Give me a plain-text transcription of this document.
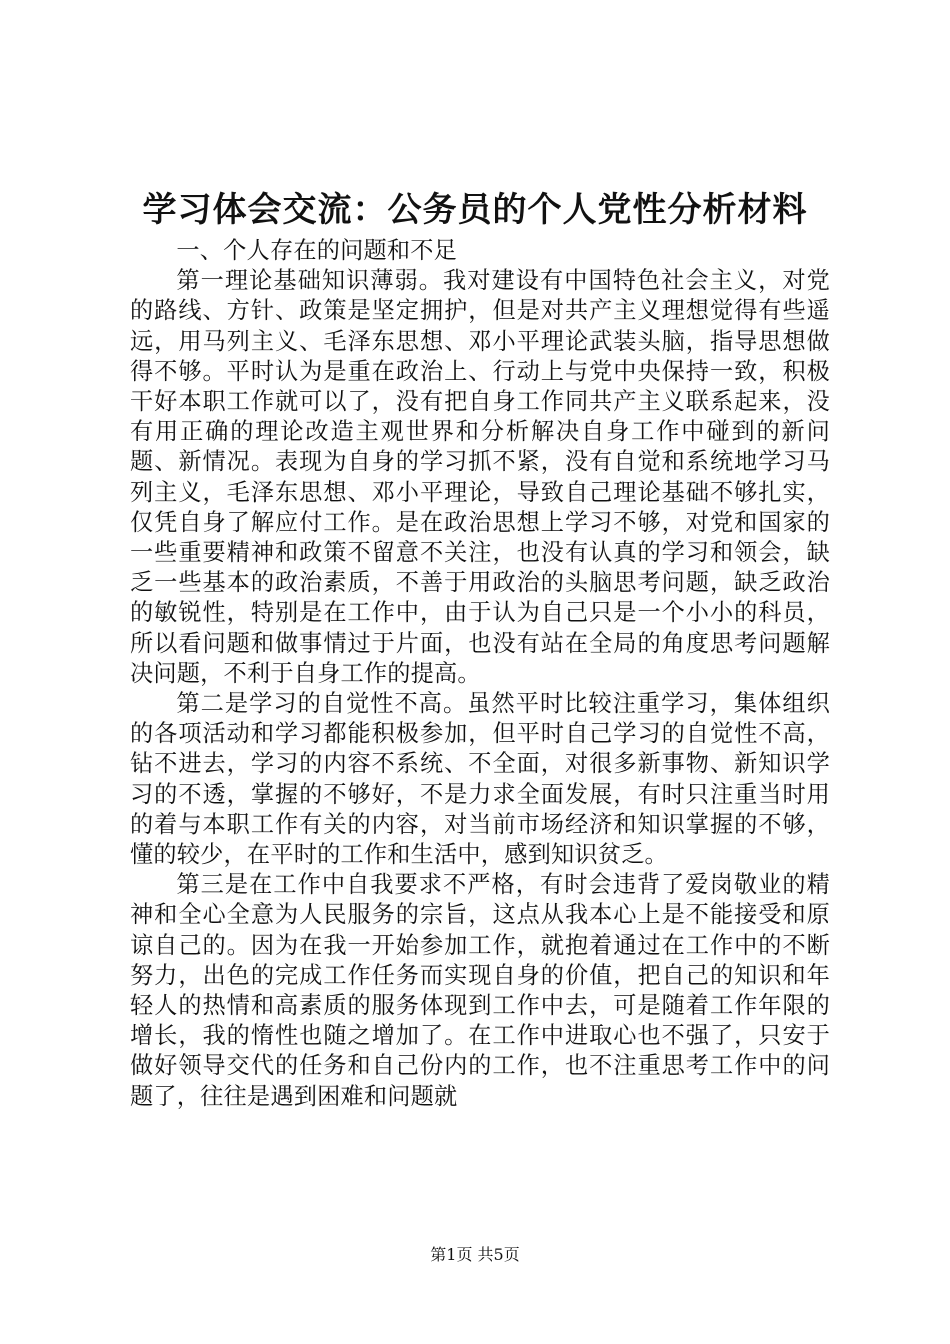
学习体会交流：公务员的个人党性分析材料

一、个人存在的问题和不足

第一理论基础知识薄弱。我对建设有中国特色社会主义，对党的路线、方针、政策是坚定拥护，但是对共产主义理想觉得有些遥远，用马列主义、毛泽东思想、邓小平理论武装头脑，指导思想做得不够。平时认为是重在政治上、行动上与党中央保持一致，积极干好本职工作就可以了，没有把自身工作同共产主义联系起来，没有用正确的理论改造主观世界和分析解决自身工作中碰到的新问题、新情况。表现为自身的学习抓不紧，没有自觉和系统地学习马列主义，毛泽东思想、邓小平理论，导致自己理论基础不够扎实，仅凭自身了解应付工作。是在政治思想上学习不够，对党和国家的一些重要精神和政策不留意不关注，也没有认真的学习和领会，缺乏一些基本的政治素质，不善于用政治的头脑思考问题，缺乏政治的敏锐性，特别是在工作中，由于认为自己只是一个小小的科员，所以看问题和做事情过于片面，也没有站在全局的角度思考问题解决问题，不利于自身工作的提高。

第二是学习的自觉性不高。虽然平时比较注重学习，集体组织的各项活动和学习都能积极参加，但平时自己学习的自觉性不高，钻不进去，学习的内容不系统、不全面，对很多新事物、新知识学习的不透，掌握的不够好，不是力求全面发展，有时只注重当时用的着与本职工作有关的内容，对当前市场经济和知识掌握的不够，懂的较少，在平时的工作和生活中，感到知识贫乏。

第三是在工作中自我要求不严格，有时会违背了爱岗敬业的精神和全心全意为人民服务的宗旨，这点从我本心上是不能接受和原谅自己的。因为在我一开始参加工作，就抱着通过在工作中的不断努力，出色的完成工作任务而实现自身的价值，把自己的知识和年轻人的热情和高素质的服务体现到工作中去，可是随着工作年限的增长，我的惰性也随之增加了。在工作中进取心也不强了，只安于做好领导交代的任务和自己份内的工作，也不注重思考工作中的问题了，往往是遇到困难和问题就

第1页 共5页
